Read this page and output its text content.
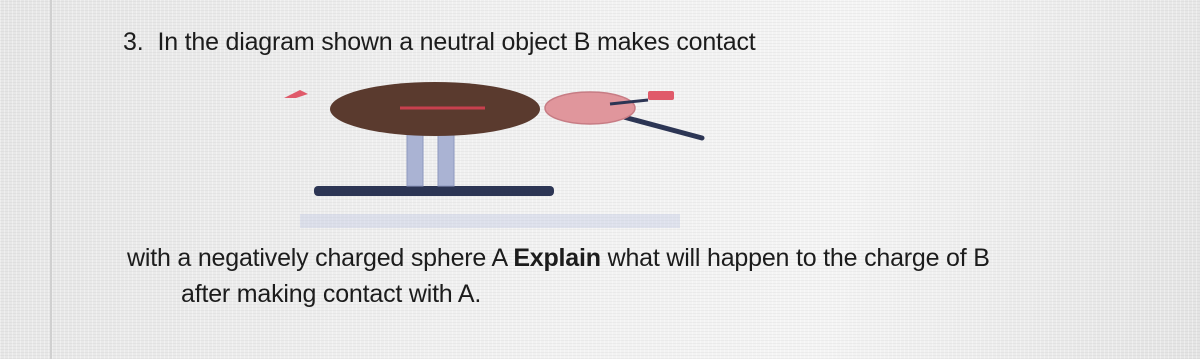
3. In the diagram shown a neutral object B makes contact
with a negatively charged sphere A Explain what will happen to the charge of B
after making contact with A.
